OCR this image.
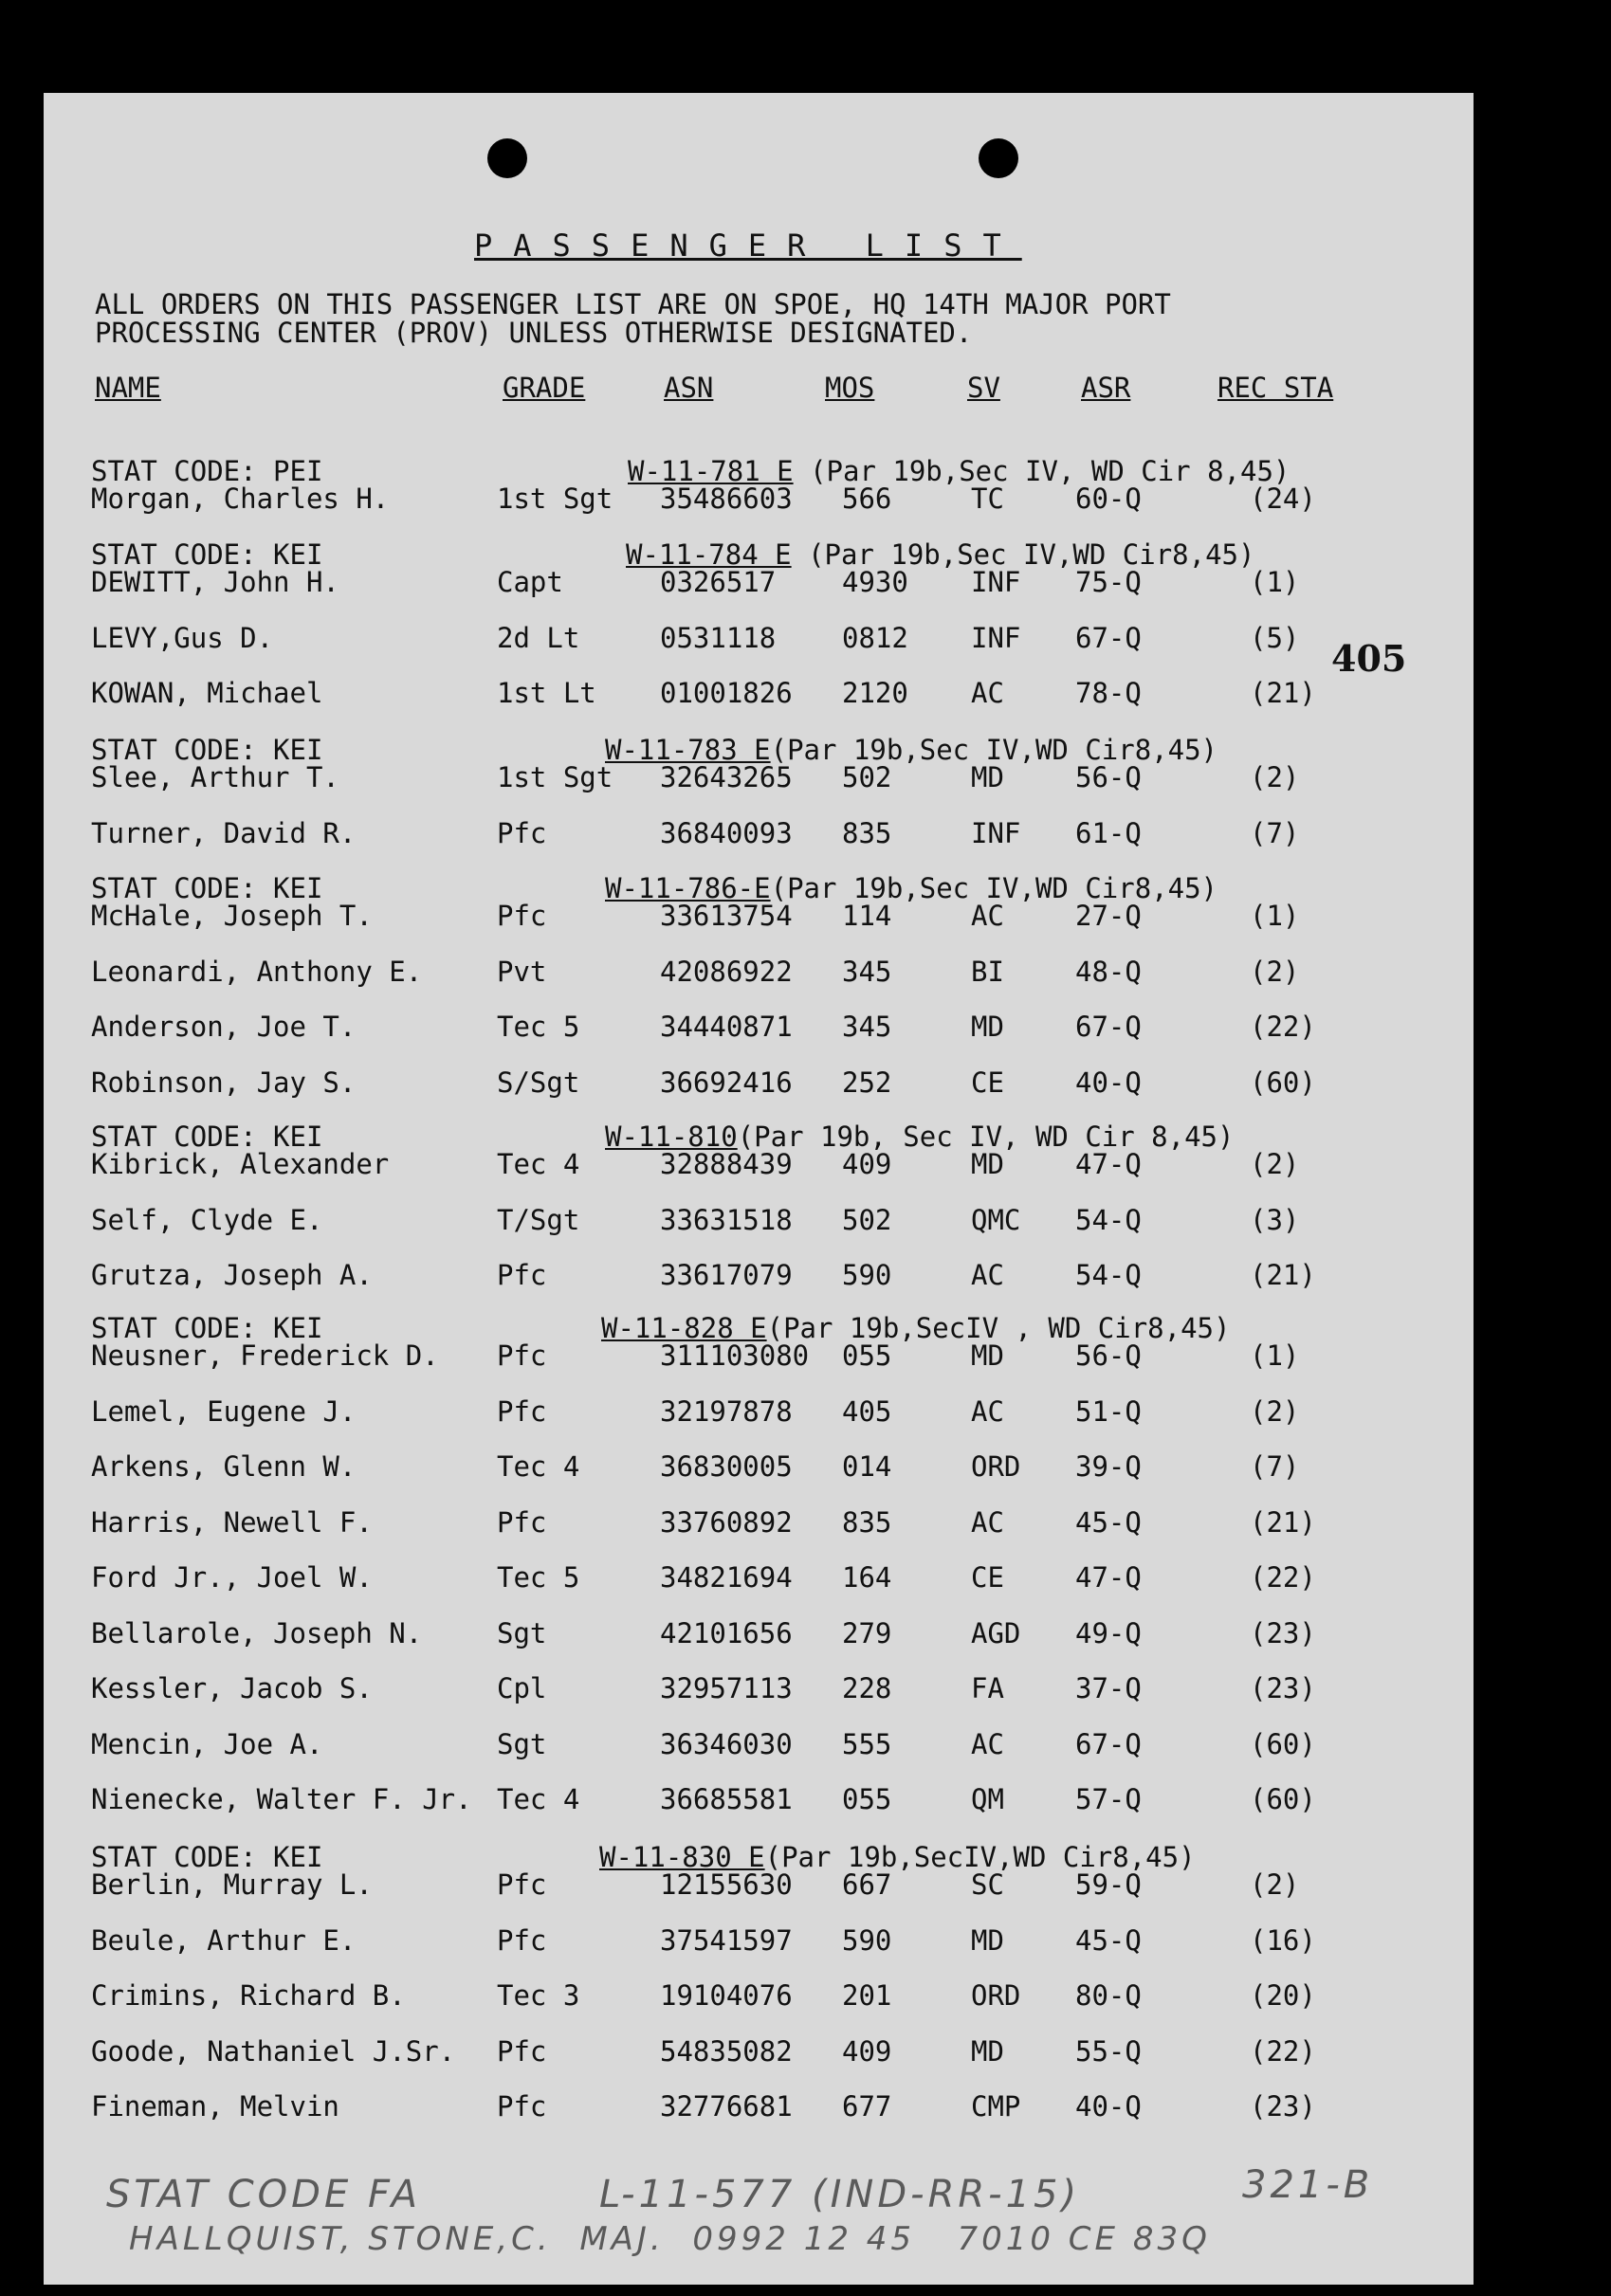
PASSENGER LIST
ALL ORDERS ON THIS PASSENGER LIST ARE ON SPOE, HQ 14TH MAJOR PORT
PROCESSING CENTER (PROV) UNLESS OTHERWISE DESIGNATED.
NAME	GRADE	ASN	MOS	SV	ASR	REC STA
405
STAT CODE: PEI	W-11-781 E (Par 19b,Sec IV, WD Cir 8,45)
Morgan, Charles H.	1st Sgt 35486603 566	TC	60-Q	(24)
STAT CODE: KEI	W-11-784 E (Par 19b,Sec IV,WD Cir8,45)
DEWITT, John H.	Capt	0326517 4930 INF 75-Q	(1)
LEVY,Gus D.	2d Lt	0531118 0812 INF 67-Q	(5)
KOWAN, Michael	1st Lt 01001826 2120 AC	78-Q	(21)
STAT CODE: KEI	W-11-783 E(Par 19b,Sec IV,WD Cir8,45)
Slee, Arthur T.	1st Sgt 32643265 502	MD	56-Q	(2)
Turner, David R.	Pfc	36840093 835	INF 61-Q	(7)
STAT CODE: KEI	W-11-786-E(Par 19b,Sec IV,WD Cir8,45)
McHale, Joseph T.	Pfc	33613754 114	AC	27-Q	(1)
Leonardi, Anthony E.	Pvt	42086922 345	BI	48-Q	(2)
Anderson, Joe T.	Tec 5	34440871 345	MD	67-Q	(22)
Robinson, Jay S.	S/Sgt	36692416 252	CE	40-Q	(60)
STAT CODE: KEI	W-11-810(Par 19b, Sec IV, WD Cir 8,45)
Kibrick, Alexander	Tec 4	32888439 409	MD	47-Q	(2)
Self, Clyde E.	T/Sgt	33631518 502	QMC 54-Q	(3)
Grutza, Joseph A.	Pfc	33617079 590	AC	54-Q	(21)
STAT CODE: KEI	W-11-828 E(Par 19b,SecIV , WD Cir8,45)
Neusner, Frederick D. Pfc	311103080 055	MD	56-Q	(1)
Lemel, Eugene J.	Pfc	32197878 405	AC	51-Q	(2)
Arkens, Glenn W.	Tec 4	36830005 014	ORD 39-Q	(7)
Harris, Newell F.	Pfc	33760892 835	AC	45-Q	(21)
Ford Jr., Joel W.	Tec 5	34821694 164	CE	47-Q	(22)
Bellarole, Joseph N.	Sgt	42101656 279	AGD 49-Q	(23)
Kessler, Jacob S.	Cpl	32957113 228	FA	37-Q	(23)
Mencin, Joe A.	Sgt	36346030 555	AC	67-Q	(60)
Nienecke, Walter F. Jr. Tec 4	36685581 055	QM	57-Q	(60)
STAT CODE: KEI	W-11-830 E(Par 19b,SecIV,WD Cir8,45)
Berlin, Murray L.	Pfc	12155630 667	SC	59-Q	(2)
Beule, Arthur E.	Pfc	37541597 590	MD	45-Q	(16)
Crimins, Richard B.	Tec 3	19104076 201	ORD 80-Q	(20)
Goode, Nathaniel J.Sr. Pfc	54835082 409	MD	55-Q	(22)
Fineman, Melvin	Pfc	32776681 677	CMP 40-Q	(23)
STAT CODE FA	L-11-577 (IND-RR-15)	321-B
HALLQUIST, STONE,C.  MAJ.  0992 12 45   7010 CE 83Q
